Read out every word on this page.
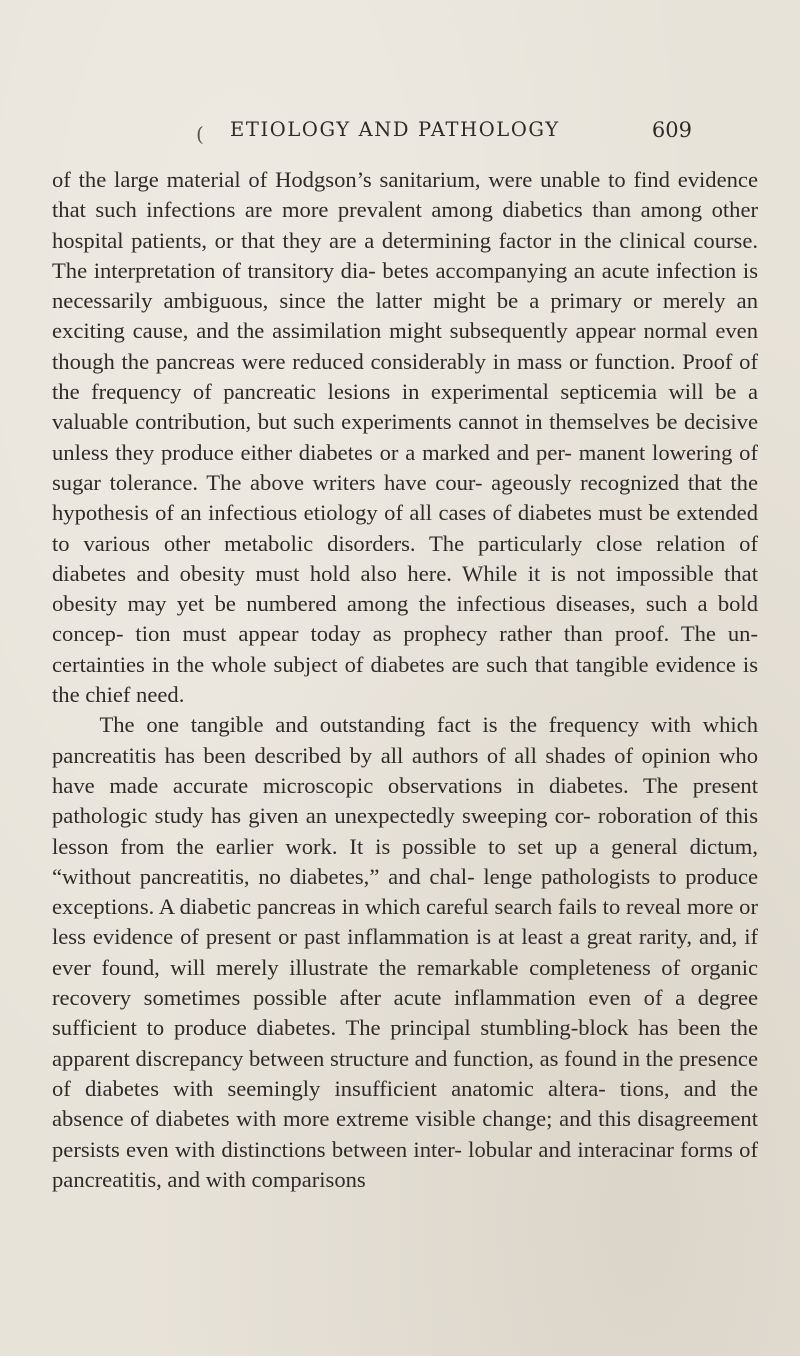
( ETIOLOGY AND PATHOLOGY	609

of the large material of Hodgson’s sanitarium, were unable to find evidence that such infections are more prevalent among diabetics than among other hospital patients, or that they are a determining factor in the clinical course. The interpretation of transitory dia- betes accompanying an acute infection is necessarily ambiguous, since the latter might be a primary or merely an exciting cause, and the assimilation might subsequently appear normal even though the pancreas were reduced considerably in mass or function. Proof of the frequency of pancreatic lesions in experimental septicemia will be a valuable contribution, but such experiments cannot in themselves be decisive unless they produce either diabetes or a marked and per- manent lowering of sugar tolerance. The above writers have cour- ageously recognized that the hypothesis of an infectious etiology of all cases of diabetes must be extended to various other metabolic disorders. The particularly close relation of diabetes and obesity must hold also here. While it is not impossible that obesity may yet be numbered among the infectious diseases, such a bold concep- tion must appear today as prophecy rather than proof. The un- certainties in the whole subject of diabetes are such that tangible evidence is the chief need.

The one tangible and outstanding fact is the frequency with which pancreatitis has been described by all authors of all shades of opinion who have made accurate microscopic observations in diabetes. The present pathologic study has given an unexpectedly sweeping cor- roboration of this lesson from the earlier work. It is possible to set up a general dictum, “without pancreatitis, no diabetes,” and chal- lenge pathologists to produce exceptions. A diabetic pancreas in which careful search fails to reveal more or less evidence of present or past inflammation is at least a great rarity, and, if ever found, will merely illustrate the remarkable completeness of organic recovery sometimes possible after acute inflammation even of a degree sufficient to produce diabetes. The principal stumbling-block has been the apparent discrepancy between structure and function, as found in the presence of diabetes with seemingly insufficient anatomic altera- tions, and the absence of diabetes with more extreme visible change; and this disagreement persists even with distinctions between inter- lobular and interacinar forms of pancreatitis, and with comparisons
